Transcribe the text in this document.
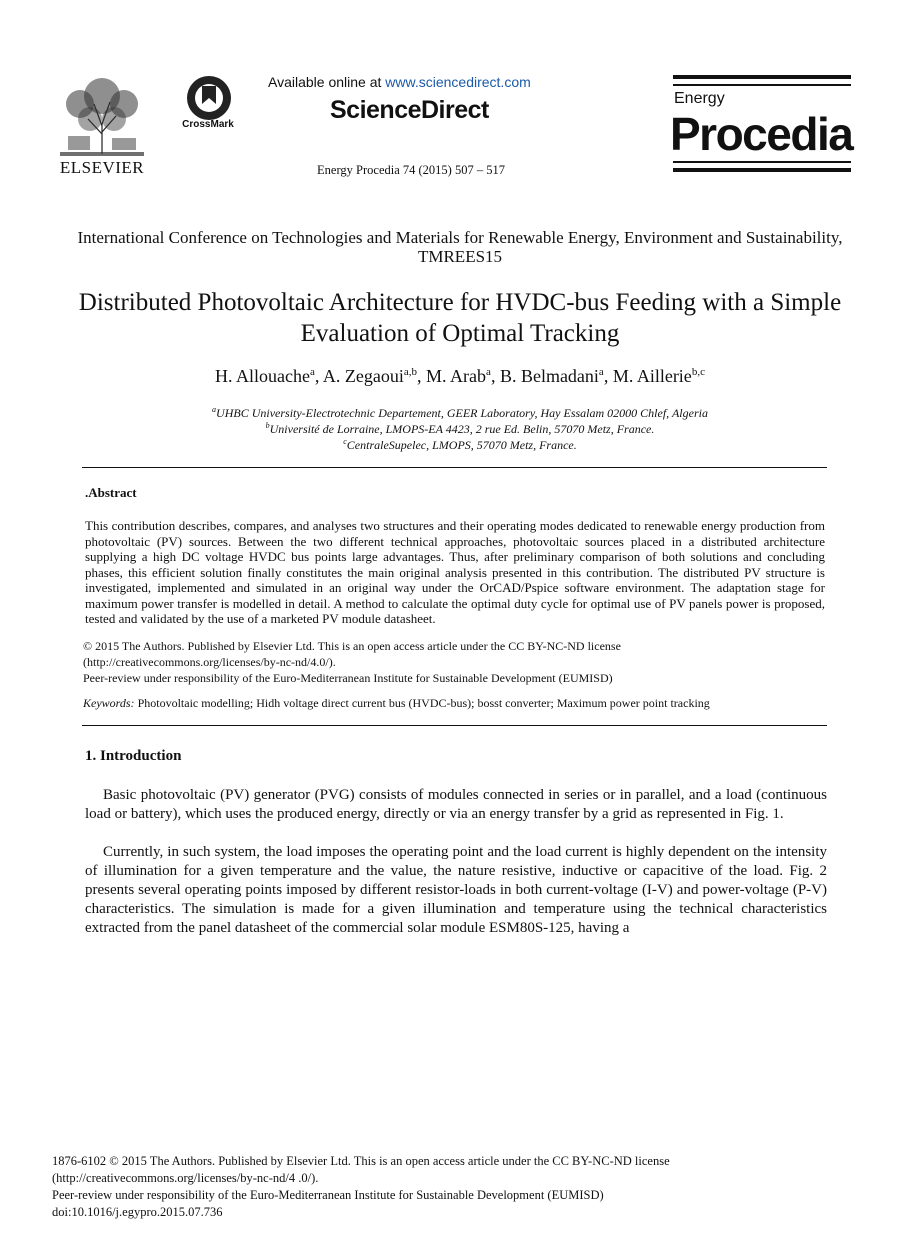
ELSEVIER
CrossMark
Available online at www.sciencedirect.com
ScienceDirect
Energy Procedia 74 (2015) 507 – 517
Energy
Procedia
International Conference on Technologies and Materials for Renewable Energy, Environment and Sustainability, TMREES15
Distributed Photovoltaic Architecture for HVDC-bus Feeding with a Simple Evaluation of Optimal Tracking
H. Allouache$^a$, A. Zegaoui$^{a,b}$, M. Arab$^a$, B. Belmadani$^a$, M. Aillerie$^{b,c}$
$^a$UHBC University-Electrotechnic Departement, GEER Laboratory, Hay Essalam 02000 Chlef, Algeria
$^b$Université de Lorraine, LMOPS-EA 4423, 2 rue Ed. Belin, 57070 Metz, France.
$^c$CentraleSupelec, LMOPS, 57070 Metz, France.
.Abstract
This contribution describes, compares, and analyses two structures and their operating modes dedicated to renewable energy production from photovoltaic (PV) sources. Between the two different technical approaches, photovoltaic sources placed in a distributed architecture supplying a high DC voltage HVDC bus points large advantages. Thus, after preliminary comparison of both solutions and concluding phases, this efficient solution finally constitutes the main original analysis presented in this contribution. The distributed PV structure is investigated, implemented and simulated in an original way under the OrCAD/Pspice software environment. The adaptation stage for maximum power transfer is modelled in detail. A method to calculate the optimal duty cycle for optimal use of PV panels power is proposed, tested and validated by the use of a marketed PV module datasheet.
© 2015 The Authors. Published by Elsevier Ltd. This is an open access article under the CC BY-NC-ND license
(http://creativecommons.org/licenses/by-nc-nd/4.0/).
Peer-review under responsibility of the Euro-Mediterranean Institute for Sustainable Development (EUMISD)
Keywords: Photovoltaic modelling; Hidh voltage direct current bus (HVDC-bus); bosst converter; Maximum power point tracking
1. Introduction
Basic photovoltaic (PV) generator (PVG) consists of modules connected in series or in parallel, and a load (continuous load or battery), which uses the produced energy, directly or via an energy transfer by a grid as represented in Fig. 1.
Currently, in such system, the load imposes the operating point and the load current is highly dependent on the intensity of illumination for a given temperature and the value, the nature resistive, inductive or capacitive of the load. Fig. 2 presents several operating points imposed by different resistor-loads in both current-voltage (I-V) and power-voltage (P-V) characteristics. The simulation is made for a given illumination and temperature using the technical characteristics extracted from the panel datasheet of the commercial solar module ESM80S-125, having a
1876-6102 © 2015 The Authors. Published by Elsevier Ltd. This is an open access article under the CC BY-NC-ND license
(http://creativecommons.org/licenses/by-nc-nd/4 .0/).
Peer-review under responsibility of the Euro-Mediterranean Institute for Sustainable Development (EUMISD)
doi:10.1016/j.egypro.2015.07.736
